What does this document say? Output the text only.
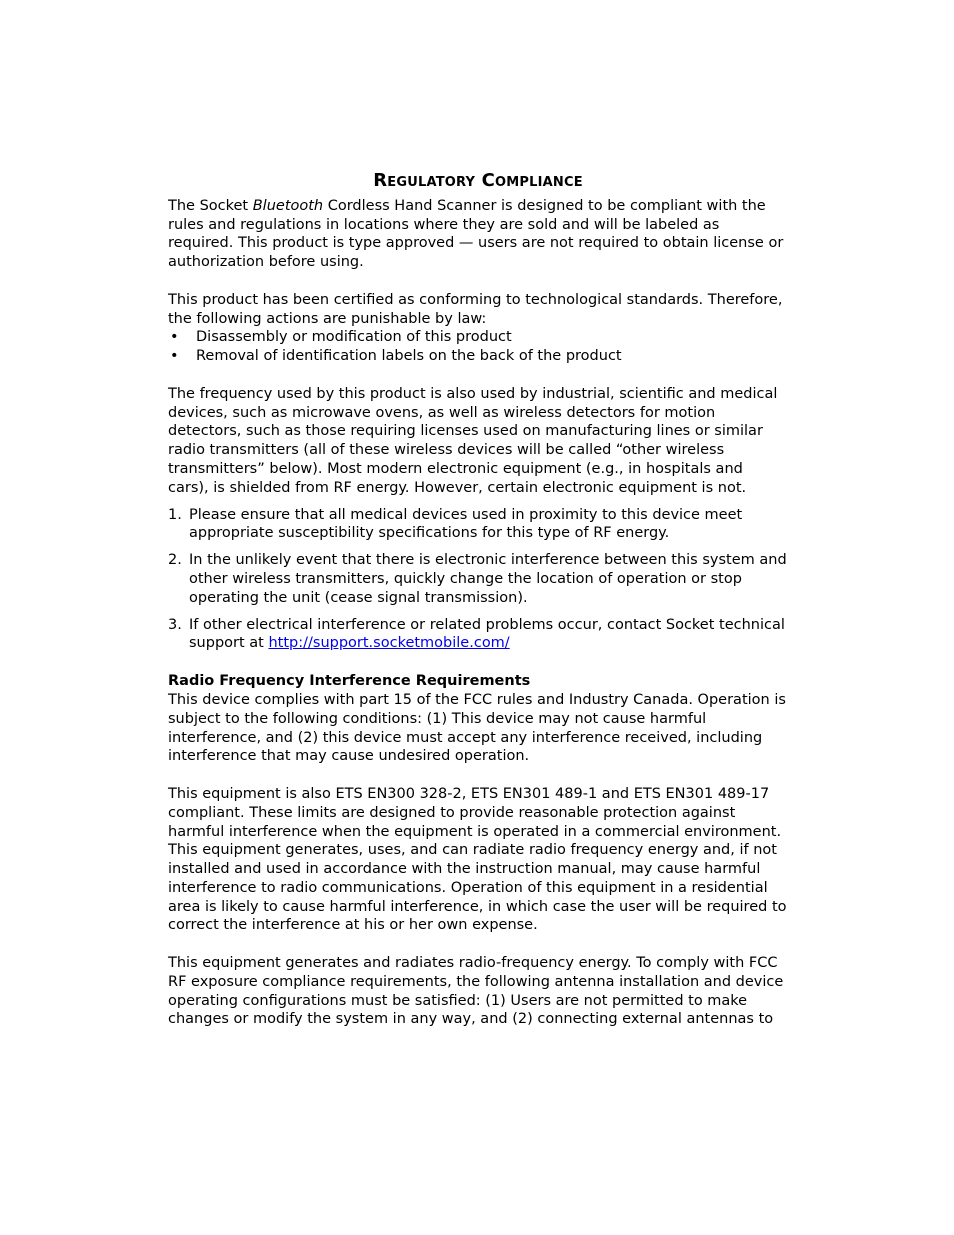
Regulatory Compliance

The Socket Bluetooth Cordless Hand Scanner is designed to be compliant with the rules and regulations in locations where they are sold and will be labeled as required. This product is type approved — users are not required to obtain license or authorization before using.

This product has been certified as conforming to technological standards. Therefore, the following actions are punishable by law:

• Disassembly or modification of this product
• Removal of identification labels on the back of the product

The frequency used by this product is also used by industrial, scientific and medical devices, such as microwave ovens, as well as wireless detectors for motion detectors, such as those requiring licenses used on manufacturing lines or similar radio transmitters (all of these wireless devices will be called “other wireless transmitters” below). Most modern electronic equipment (e.g., in hospitals and cars), is shielded from RF energy. However, certain electronic equipment is not.

1. Please ensure that all medical devices used in proximity to this device meet appropriate susceptibility specifications for this type of RF energy.
2. In the unlikely event that there is electronic interference between this system and other wireless transmitters, quickly change the location of operation or stop operating the unit (cease signal transmission).
3. If other electrical interference or related problems occur, contact Socket technical support at http://support.socketmobile.com/

Radio Frequency Interference Requirements

This device complies with part 15 of the FCC rules and Industry Canada. Operation is subject to the following conditions: (1) This device may not cause harmful interference, and (2) this device must accept any interference received, including interference that may cause undesired operation.

This equipment is also ETS EN300 328-2, ETS EN301 489-1 and ETS EN301 489-17 compliant. These limits are designed to provide reasonable protection against harmful interference when the equipment is operated in a commercial environment. This equipment generates, uses, and can radiate radio frequency energy and, if not installed and used in accordance with the instruction manual, may cause harmful interference to radio communications. Operation of this equipment in a residential area is likely to cause harmful interference, in which case the user will be required to correct the interference at his or her own expense.

This equipment generates and radiates radio-frequency energy. To comply with FCC RF exposure compliance requirements, the following antenna installation and device operating configurations must be satisfied: (1) Users are not permitted to make changes or modify the system in any way, and (2) connecting external antennas to
